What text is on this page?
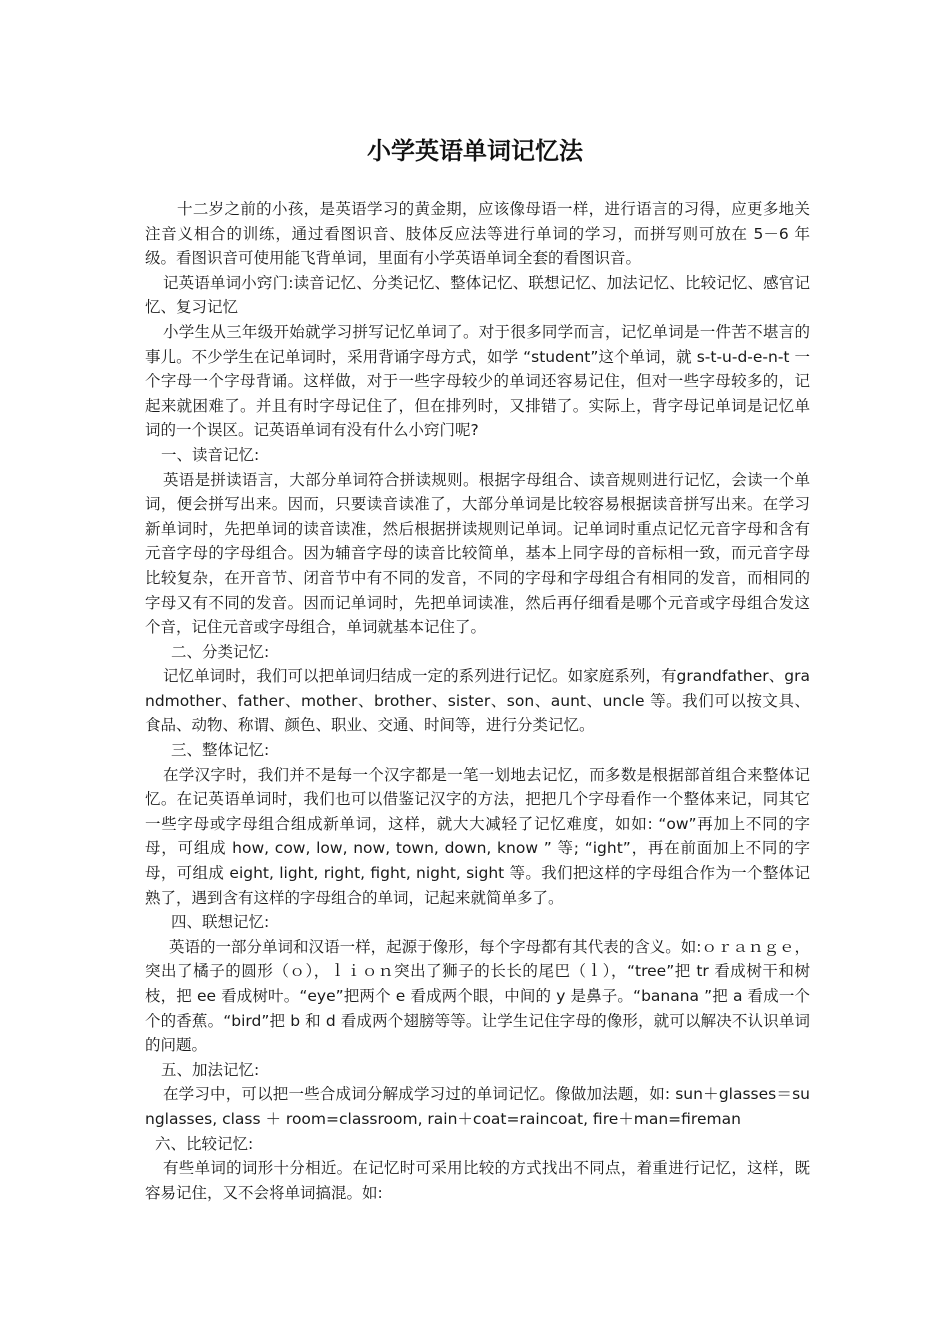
小学英语单词记忆法

十二岁之前的小孩，是英语学习的黄金期，应该像母语一样，进行语言的习得，应更多地关注音义相合的训练，通过看图识音、肢体反应法等进行单词的学习，而拼写则可放在 5－6 年级。看图识音可使用能飞背单词，里面有小学英语单词全套的看图识音。

记英语单词小窍门:读音记忆、分类记忆、整体记忆、联想记忆、加法记忆、比较记忆、感官记忆、复习记忆

小学生从三年级开始就学习拼写记忆单词了。对于很多同学而言，记忆单词是一件苦不堪言的事儿。不少学生在记单词时，采用背诵字母方式，如学 “student”这个单词，就 s-t-u-d-e-n-t 一个字母一个字母背诵。这样做，对于一些字母较少的单词还容易记住，但对一些字母较多的，记起来就困难了。并且有时字母记住了，但在排列时，又排错了。实际上，背字母记单词是记忆单词的一个误区。记英语单词有没有什么小窍门呢?

一、读音记忆:

英语是拼读语言，大部分单词符合拼读规则。根据字母组合、读音规则进行记忆，会读一个单词，便会拼写出来。因而，只要读音读准了，大部分单词是比较容易根据读音拼写出来。在学习新单词时，先把单词的读音读准，然后根据拼读规则记单词。记单词时重点记忆元音字母和含有元音字母的字母组合。因为辅音字母的读音比较简单，基本上同字母的音标相一致，而元音字母比较复杂，在开音节、闭音节中有不同的发音，不同的字母和字母组合有相同的发音，而相同的字母又有不同的发音。因而记单词时，先把单词读准，然后再仔细看是哪个元音或字母组合发这个音，记住元音或字母组合，单词就基本记住了。

二、分类记忆:

记忆单词时，我们可以把单词归结成一定的系列进行记忆。如家庭系列，有grandfather、grandmother、father、mother、brother、sister、son、aunt、uncle 等。我们可以按文具、食品、动物、称谓、颜色、职业、交通、时间等，进行分类记忆。

三、整体记忆:

在学汉字时，我们并不是每一个汉字都是一笔一划地去记忆，而多数是根据部首组合来整体记忆。在记英语单词时，我们也可以借鉴记汉字的方法，把把几个字母看作一个整体来记，同其它一些字母或字母组合组成新单词，这样，就大大减轻了记忆难度，如如: “ow”再加上不同的字母，可组成 how, cow, low, now, town, down, know ” 等; “ight”，再在前面加上不同的字母，可组成 eight, light, right, fight, night, sight 等。我们把这样的字母组合作为一个整体记熟了，遇到含有这样的字母组合的单词，记起来就简单多了。

四、联想记忆:

英语的一部分单词和汉语一样，起源于像形，每个字母都有其代表的含义。如:ｏｒａｎｇｅ，突出了橘子的圆形（ｏ），ｌｉｏｎ突出了狮子的长长的尾巴（ｌ），“tree”把 tr 看成树干和树枝，把 ee 看成树叶。“eye”把两个 e 看成两个眼，中间的 y 是鼻子。“banana ”把 a 看成一个个的香蕉。“bird”把 b 和 d 看成两个翅膀等等。让学生记住字母的像形，就可以解决不认识单词的问题。

五、加法记忆:

在学习中，可以把一些合成词分解成学习过的单词记忆。像做加法题，如: sun＋glasses＝sunglasses, class ＋ room=classroom, rain＋coat=raincoat, fire＋man=fireman

六、比较记忆:

有些单词的词形十分相近。在记忆时可采用比较的方式找出不同点，着重进行记忆，这样，既容易记住，又不会将单词搞混。如:
